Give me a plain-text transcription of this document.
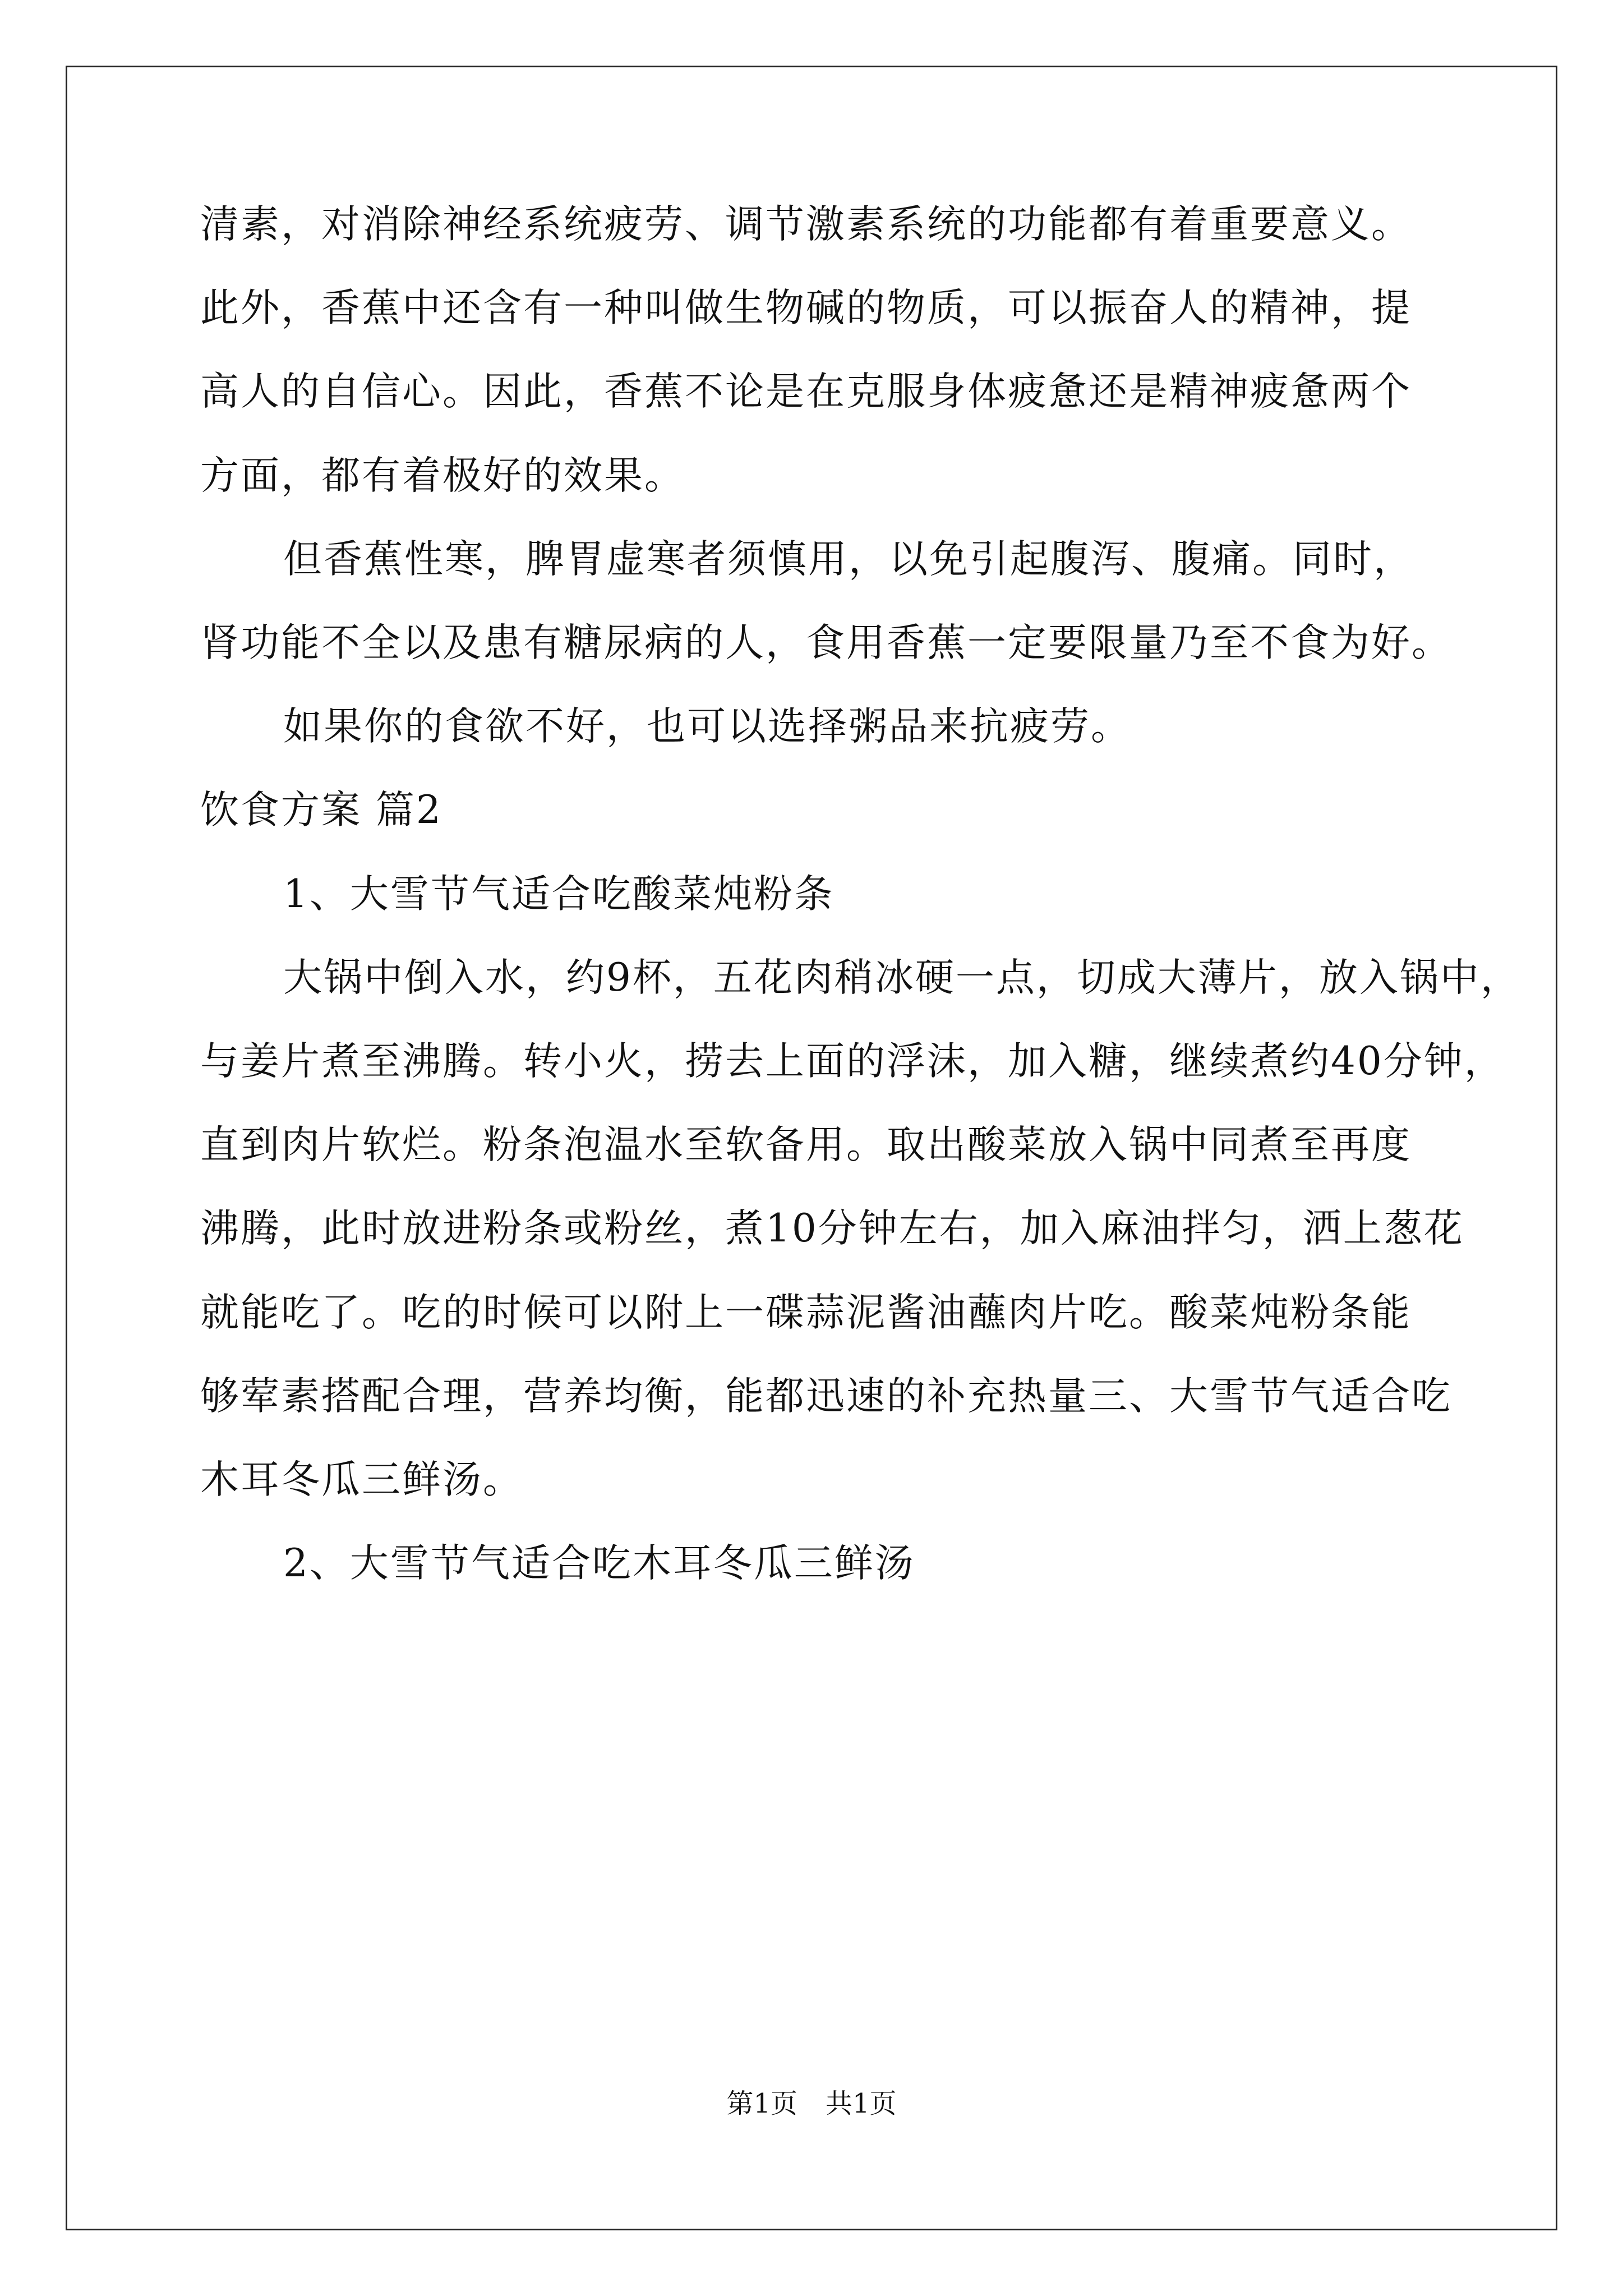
清素，对消除神经系统疲劳、调节激素系统的功能都有着重要意义。
此外，香蕉中还含有一种叫做生物碱的物质，可以振奋人的精神，提
高人的自信心。因此，香蕉不论是在克服身体疲惫还是精神疲惫两个
方面，都有着极好的效果。
但香蕉性寒，脾胃虚寒者须慎用，以免引起腹泻、腹痛。同时，
肾功能不全以及患有糖尿病的人，食用香蕉一定要限量乃至不食为好。
如果你的食欲不好，也可以选择粥品来抗疲劳。
饮食方案 篇2
1、大雪节气适合吃酸菜炖粉条
大锅中倒入水，约9杯，五花肉稍冰硬一点，切成大薄片，放入锅中，
与姜片煮至沸腾。转小火，捞去上面的浮沫，加入糖，继续煮约40分钟，
直到肉片软烂。粉条泡温水至软备用。取出酸菜放入锅中同煮至再度
沸腾，此时放进粉条或粉丝，煮10分钟左右，加入麻油拌匀，洒上葱花
就能吃了。吃的时候可以附上一碟蒜泥酱油蘸肉片吃。酸菜炖粉条能
够荤素搭配合理，营养均衡，能都迅速的补充热量三、大雪节气适合吃
木耳冬瓜三鲜汤。
2、大雪节气适合吃木耳冬瓜三鲜汤
第1页 共1页
